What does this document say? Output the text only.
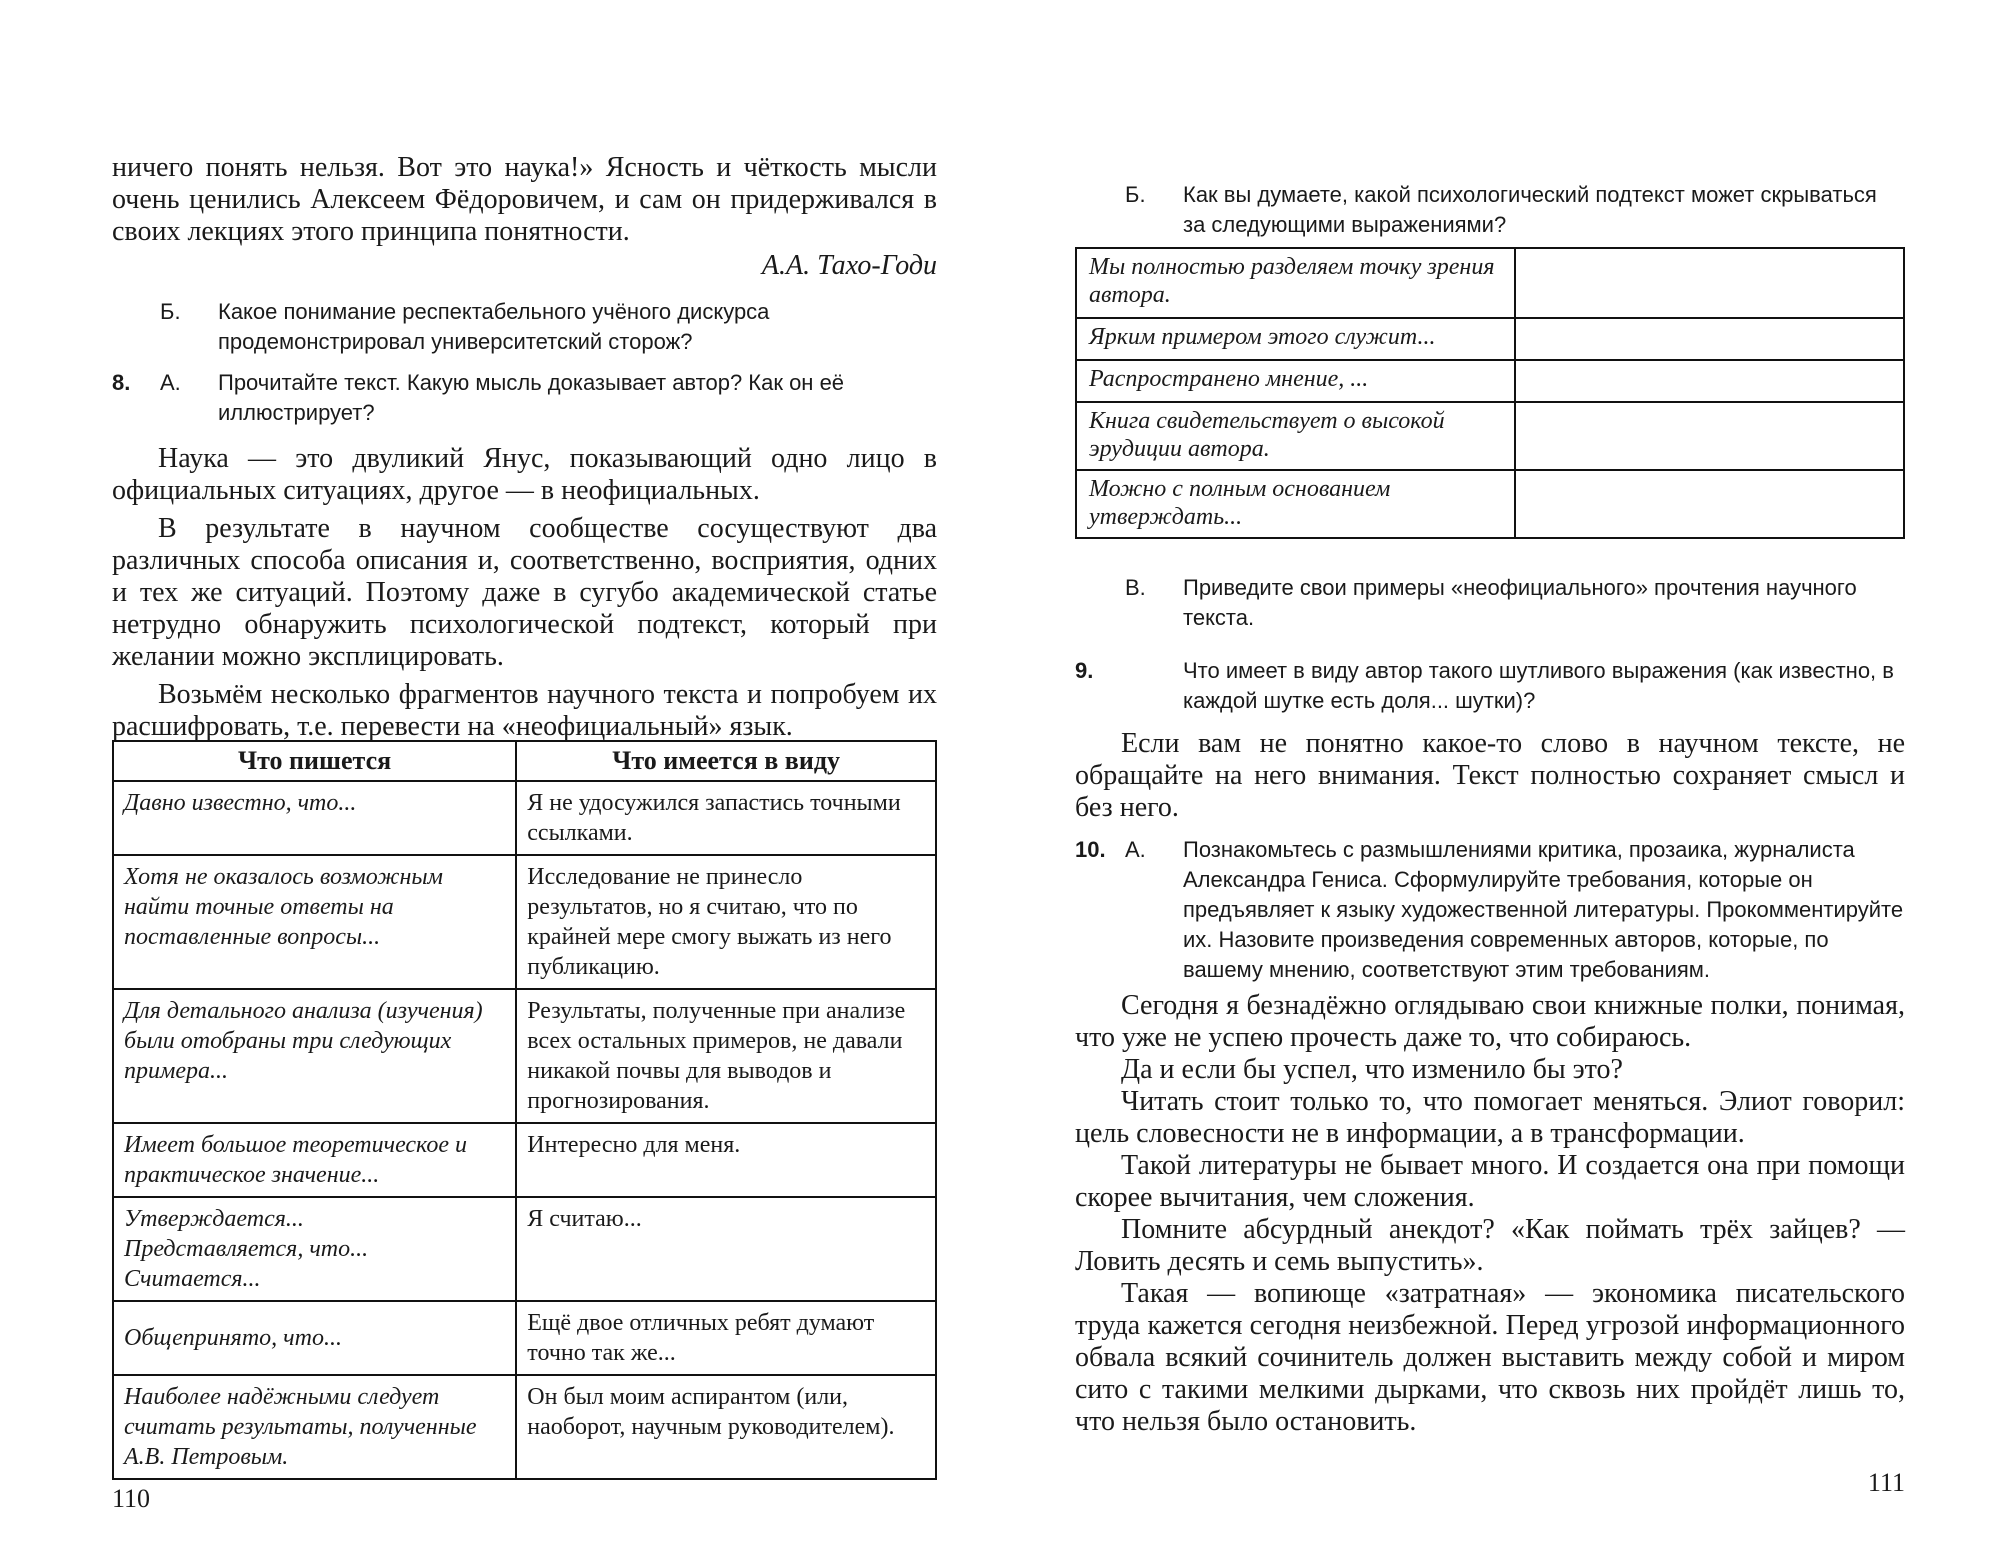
ничего понять нельзя. Вот это наука!» Ясность и чёткость мысли очень ценились Алексеем Фёдоровичем, и сам он придерживался в своих лекциях этого принципа понятности.

А.А. Тахо-Годи

Б.	Какое понимание респектабельного учёного дискурса продемонстрировал университетский сторож?
8.	А.	Прочитайте текст. Какую мысль доказывает автор? Как он её иллюстрирует?

Наука — это двуликий Янус, показывающий одно лицо в официальных ситуациях, другое — в неофициальных.

В результате в научном сообществе сосуществуют два различных способа описания и, соответственно, восприятия, одних и тех же ситуаций. Поэтому даже в сугубо академической статье нетрудно обнаружить психологической подтекст, который при желании можно эксплицировать.

Возьмём несколько фрагментов научного текста и попробуем их расшифровать, т.е. перевести на «неофициальный» язык.

Что пишется	Что имеется в виду
Давно известно, что...	Я не удосужился запастись точными ссылками.
Хотя не оказалось возможным найти точные ответы на поставленные вопросы...	Исследование не принесло результатов, но я считаю, что по крайней мере смогу выжать из него публикацию.
Для детального анализа (изучения) были отобраны три следующих примера...	Результаты, полученные при анализе всех остальных примеров, не давали никакой почвы для выводов и прогнозирования.
Имеет большое теоретическое и практическое значение...	Интересно для меня.

Утверждается...
Представляется, что...
Считается...	Я считаю...
Общепринято, что...	Ещё двое отличных ребят думают точно так же...
Наиболее надёжными следует считать результаты, полученные А.В. Петровым.	Он был моим аспирантом (или, наоборот, научным руководителем).
110
Б.	Как вы думаете, какой психологический подтекст может скрываться за следующими выражениями?
Мы полностью разделяем точку зрения автора.	
Ярким примером этого служит...	
Распространено мнение, ...	
Книга свидетельствует о высокой эрудиции автора.	
Можно с полным основанием утверждать...	
В.	Приведите свои примеры «неофициального» прочтения научного текста.
9.	Что имеет в виду автор такого шутливого выражения (как известно, в каждой шутке есть доля... шутки)?

Если вам не понятно какое-то слово в научном тексте, не обращайте на него внимания. Текст полностью сохраняет смысл и без него.

10. А.	Познакомьтесь с размышлениями критика, прозаика, журналиста Александра Гениса. Сформулируйте требования, которые он предъявляет к языку художественной литературы. Прокомментируйте их. Назовите произведения современных авторов, которые, по вашему мнению, соответствуют этим требованиям.

Сегодня я безнадёжно оглядываю свои книжные полки, понимая, что уже не успею прочесть даже то, что собираюсь.

Да и если бы успел, что изменило бы это?

Читать стоит только то, что помогает меняться. Элиот говорил: цель словесности не в информации, а в трансформации.

Такой литературы не бывает много. И создается она при помощи скорее вычитания, чем сложения.

Помните абсурдный анекдот? «Как поймать трёх зайцев? — Ловить десять и семь выпустить».

Такая — вопиюще «затратная» — экономика писательского труда кажется сегодня неизбежной. Перед угрозой информационного обвала всякий сочинитель должен выставить между собой и миром сито с такими мелкими дырками, что сквозь них пройдёт лишь то, что нельзя было остановить.

111
